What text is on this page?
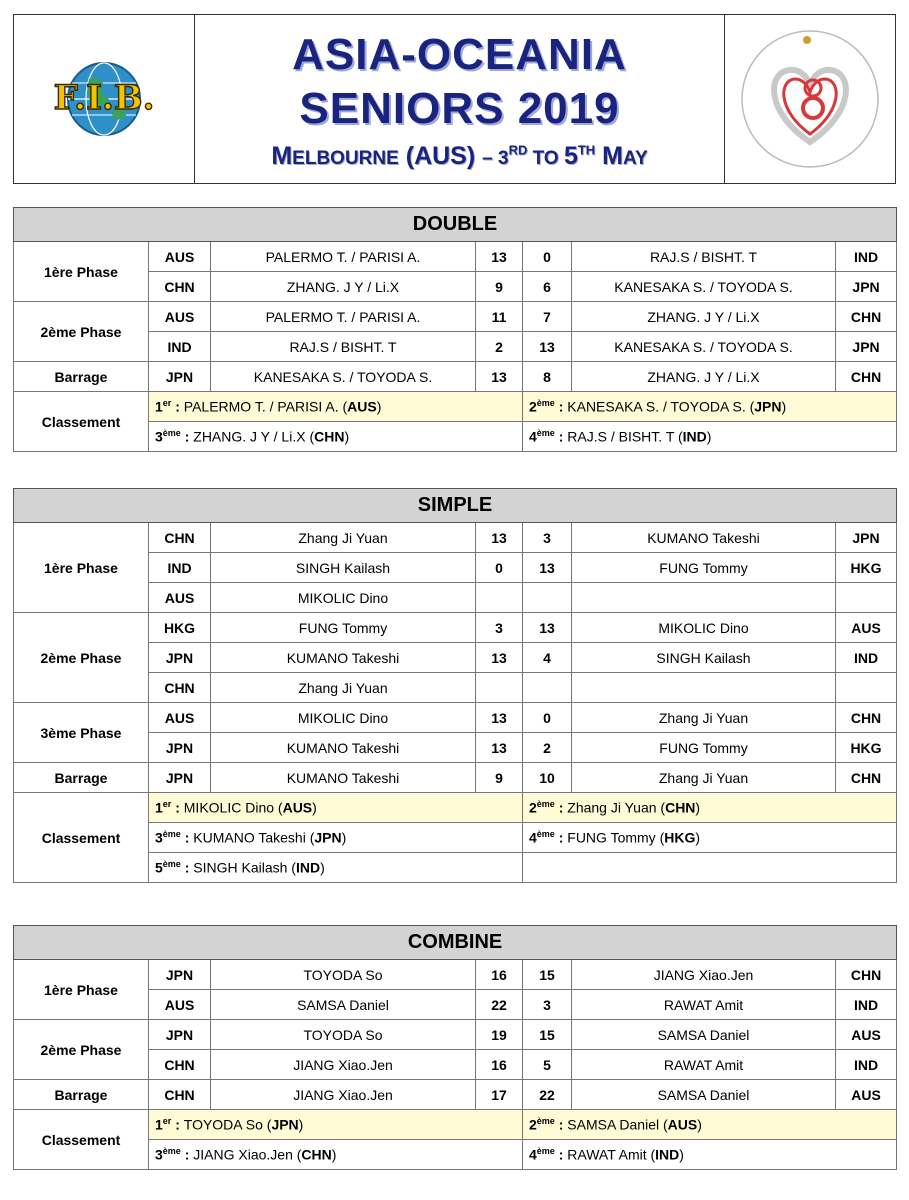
F.I.B.
ASIA-OCEANIA
SENIORS 2019
MELBOURNE (AUS) – 3RD TO 5TH MAY
DOUBLE						
1ère Phase	AUS	PALERMO T. / PARISI A.	13	0	RAJ.S / BISHT. T	IND
	CHN	ZHANG. J Y / Li.X	9	6	KANESAKA S. / TOYODA S.	JPN
2ème Phase	AUS	PALERMO T. / PARISI A.	11	7	ZHANG. J Y / Li.X	CHN
	IND	RAJ.S / BISHT. T	2	13	KANESAKA S. / TOYODA S.	JPN
Barrage	JPN	KANESAKA S. / TOYODA S.	13	8	ZHANG. J Y / Li.X	CHN
Classement	1er : PALERMO T. / PARISI A. (AUS)			2ème : KANESAKA S. / TOYODA S. (JPN)		
	3ème : ZHANG. J Y / Li.X (CHN)			4ème : RAJ.S / BISHT. T (IND)		
SIMPLE						
1ère Phase	CHN	Zhang Ji Yuan	13	3	KUMANO Takeshi	JPN
	IND	SINGH Kailash	0	13	FUNG Tommy	HKG
	AUS	MIKOLIC Dino				
2ème Phase	HKG	FUNG Tommy	3	13	MIKOLIC Dino	AUS
	JPN	KUMANO Takeshi	13	4	SINGH Kailash	IND
	CHN	Zhang Ji Yuan				
3ème Phase	AUS	MIKOLIC Dino	13	0	Zhang Ji Yuan	CHN
	JPN	KUMANO Takeshi	13	2	FUNG Tommy	HKG
Barrage	JPN	KUMANO Takeshi	9	10	Zhang Ji Yuan	CHN
Classement	1er : MIKOLIC Dino (AUS)			2ème : Zhang Ji Yuan (CHN)		
	3ème : KUMANO Takeshi (JPN)			4ème : FUNG Tommy (HKG)		
	5ème : SINGH Kailash (IND)					
COMBINE						
1ère Phase	JPN	TOYODA So	16	15	JIANG Xiao.Jen	CHN
	AUS	SAMSA Daniel	22	3	RAWAT Amit	IND
2ème Phase	JPN	TOYODA So	19	15	SAMSA Daniel	AUS
	CHN	JIANG Xiao.Jen	16	5	RAWAT Amit	IND
Barrage	CHN	JIANG Xiao.Jen	17	22	SAMSA Daniel	AUS
Classement	1er : TOYODA So (JPN)			2ème : SAMSA Daniel (AUS)		
	3ème : JIANG Xiao.Jen (CHN)			4ème : RAWAT Amit (IND)		
